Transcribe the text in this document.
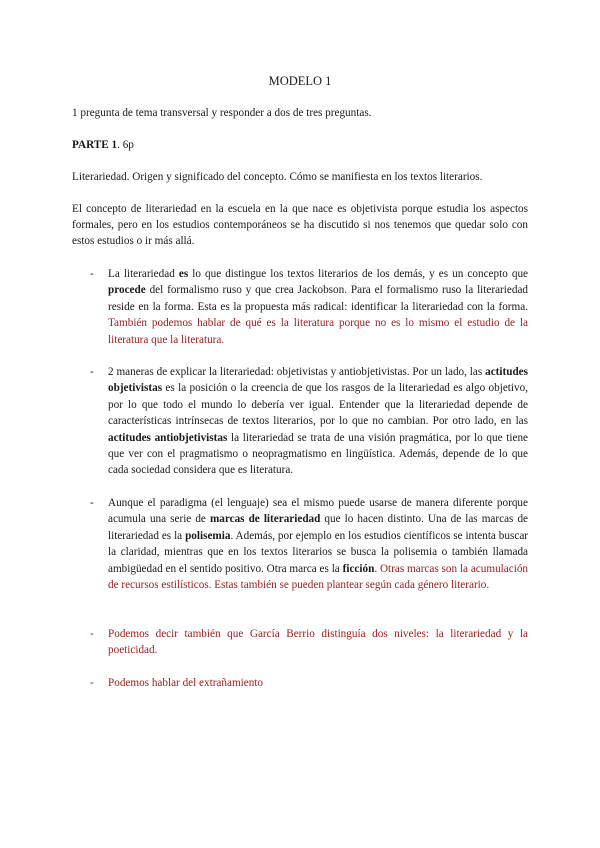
MODELO 1

1 pregunta de tema transversal y responder a dos de tres preguntas.

PARTE 1. 6p

Literariedad. Origen y significado del concepto. Cómo se manifiesta en los textos literarios.

El concepto de literariedad en la escuela en la que nace es objetivista porque estudia los aspectos formales, pero en los estudios contemporáneos se ha discutido si nos tenemos que quedar solo con estos estudios o ir más allá.

-	La literariedad es lo que distingue los textos literarios de los demás, y es un concepto que procede del formalismo ruso y que crea Jackobson. Para el formalismo ruso la literariedad reside en la forma. Esta es la propuesta más radical: identificar la literariedad con la forma. También podemos hablar de qué es la literatura porque no es lo mismo el estudio de la literatura que la literatura.

-	2 maneras de explicar la literariedad: objetivistas y antiobjetivistas. Por un lado, las actitudes objetivistas es la posición o la creencia de que los rasgos de la literariedad es algo objetivo, por lo que todo el mundo lo debería ver igual. Entender que la literariedad depende de características intrínsecas de textos literarios, por lo que no cambian. Por otro lado, en las actitudes antiobjetivistas la literariedad se trata de una visión pragmática, por lo que tiene que ver con el pragmatismo o neopragmatismo en lingüística. Además, depende de lo que cada sociedad considera que es literatura.

-	Aunque el paradigma (el lenguaje) sea el mismo puede usarse de manera diferente porque acumula una serie de marcas de literariedad que lo hacen distinto. Una de las marcas de literariedad es la polisemia. Además, por ejemplo en los estudios científicos se intenta buscar la claridad, mientras que en los textos literarios se busca la polisemia o también llamada ambigüedad en el sentido positivo. Otra marca es la ficción. Otras marcas son la acumulación de recursos estilísticos. Estas también se pueden plantear según cada género literario.

-	Podemos decir también que García Berrio distinguía dos niveles: la literariedad y la poeticidad.

-	Podemos hablar del extrañamiento
